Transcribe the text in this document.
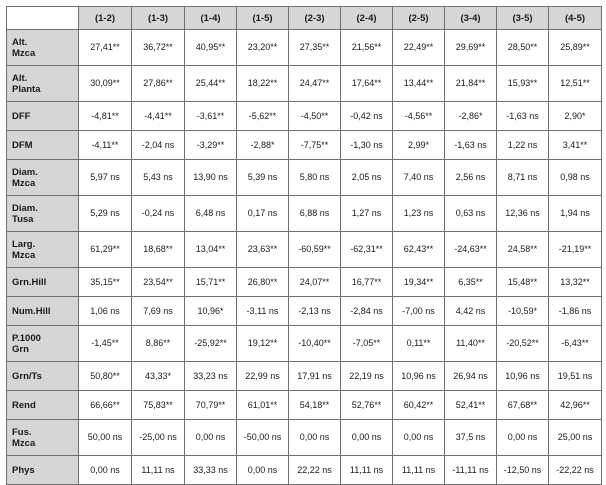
	(1-2)	(1-3)	(1-4)	(1-5)	(2-3)	(2-4)	(2-5)	(3-4)	(3-5)	(4-5)
Alt.
Mzca	27,41**	36,72**	40,95**	23,20**	27,35**	21,56**	22,49**	29,69**	28,50**	25,89**
Alt.
Planta	30,09**	27,86**	25,44**	18,22**	24,47**	17,64**	13,44**	21,84**	15,93**	12,51**
DFF	-4,81**	-4,41**	-3,61**	-5,62**	-4,50**	-0,42 ns	-4,56**	-2,86*	-1,63 ns	2,90*
DFM	-4,11**	-2,04 ns	-3,29**	-2,88*	-7,75**	-1,30 ns	2,99*	-1,63 ns	1,22 ns	3,41**
Diam.
Mzca	5,97 ns	5,43 ns	13,90 ns	5,39 ns	5,80 ns	2,05 ns	7,40 ns	2,56 ns	8,71 ns	0,98 ns
Diam.
Tusa	5,29 ns	-0,24 ns	6,48 ns	0,17 ns	6,88 ns	1,27 ns	1,23 ns	0,63 ns	12,36 ns	1,94 ns
Larg.
Mzca	61,29**	18,68**	13,04**	23,63**	-60,59**	-62,31**	62,43**	-24,63**	24,58**	-21,19**
Grn.Hill	35,15**	23,54**	15,71**	26,80**	24,07**	16,77**	19,34**	6,35**	15,48**	13,32**
Num.Hill	1,06 ns	7,69 ns	10,96*	-3,11 ns	-2,13 ns	-2,84 ns	-7,00 ns	4,42 ns	-10,59*	-1,86 ns
P.1000
Grn	-1,45**	8,86**	-25,92**	19,12**	-10,40**	-7,05**	0,11**	11,40**	-20,52**	-6,43**
Grn/Ts	50,80**	43,33*	33,23 ns	22,99 ns	17,91 ns	22,19 ns	10,96 ns	26,94 ns	10,96 ns	19,51 ns
Rend	66,66**	75,83**	70,79**	61,01**	54,18**	52,76**	60,42**	52,41**	67,68**	42,96**
Fus.
Mzca	50,00 ns	-25,00 ns	0,00 ns	-50,00 ns	0,00 ns	0,00 ns	0,00 ns	37,5 ns	0,00 ns	25,00 ns
Phys	0,00 ns	11,11 ns	33,33 ns	0,00 ns	22,22 ns	11,11 ns	11,11 ns	-11,11 ns	-12,50 ns	-22,22 ns
